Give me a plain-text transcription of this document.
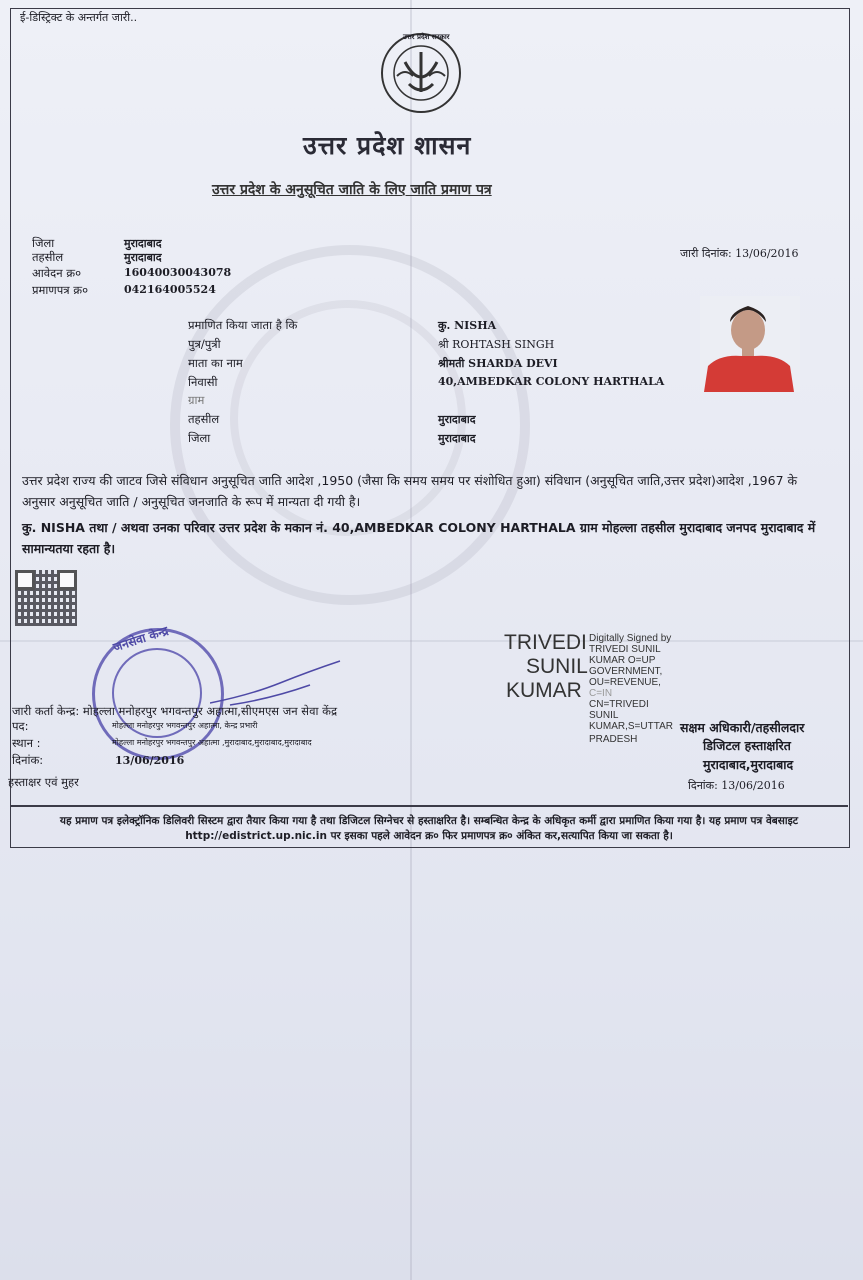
ई-डिस्ट्रिक्ट के अन्तर्गत जारी..
उत्तर प्रदेश सरकार
उत्तर प्रदेश शासन
उत्तर प्रदेश के अनुसूचित जाति के लिए जाति प्रमाण पत्र
जिला	मुरादाबाद
तहसील	मुरादाबाद
आवेदन क्र०	160400300430​78
प्रमाणपत्र क्र०	042164005524
जारी दिनांक: 13/06/2016
प्रमाणित किया जाता है कि	कु. NISHA
पुत्र/पुत्री	श्री ROHTASH SINGH
माता का नाम	श्रीमती SHARDA DEVI
निवासी	40,AMBEDKAR COLONY HARTHALA
ग्राम
तहसील	मुरादाबाद
जिला	मुरादाबाद
उत्तर प्रदेश राज्य की जाटव जिसे संविधान अनुसूचित जाति आदेश ,1950 (जैसा कि समय समय पर संशोधित हुआ) संविधान (अनुसूचित जाति,उत्तर प्रदेश)आदेश ,1967 के अनुसार अनुसूचित जाति / अनुसूचित जनजाति के रूप में मान्यता दी गयी है।
कु. NISHA तथा / अथवा उनका परिवार उत्तर प्रदेश के मकान नं. 40,AMBEDKAR COLONY HARTHALA ग्राम मोहल्ला तहसील मुरादाबाद जनपद मुरादाबाद में सामान्यतया रहता है।
जनसेवा केन्द्र
जारी कर्ता केन्द्र: मोहल्ला मनोहरपुर भगवन्तपुर अहात्मा,सीएमएस जन सेवा केंद्र
पद:	मोहल्ला मनोहरपुर भगवन्तपुर अहात्मा, केन्द्र प्रभारी
स्थान :	मोहल्ला मनोहरपुर भगवन्तपुर अहात्मा ,मुरादाबाद,मुरादाबाद,मुरादाबाद
दिनांक:	13/06/2016
हस्ताक्षर एवं मुहर
TRIVEDI
SUNIL
KUMAR
Digitally Signed by
TRIVEDI SUNIL
KUMAR O=UP
GOVERNMENT,
OU=REVENUE,
C=IN
CN=TRIVEDI
SUNIL
KUMAR,S=UTTAR
PRADESH
सक्षम अधिकारी/तहसीलदार
डिजिटल हस्ताक्षरित
मुरादाबाद,मुरादाबाद
दिनांक: 13/06/2016
यह प्रमाण पत्र इलेक्ट्रॉनिक डिलिवरी सिस्टम द्वारा तैयार किया गया है तथा डिजिटल सिग्नेचर से हस्ताक्षरित है। सम्बन्धित केन्द्र के अधिकृत कर्मी द्वारा प्रमाणित किया गया है। यह प्रमाण पत्र वेबसाइट http://edistrict.up.nic.in पर इसका पहले आवेदन क्र० फिर प्रमाणपत्र क्र० अंकित कर,सत्यापित किया जा सकता है।
